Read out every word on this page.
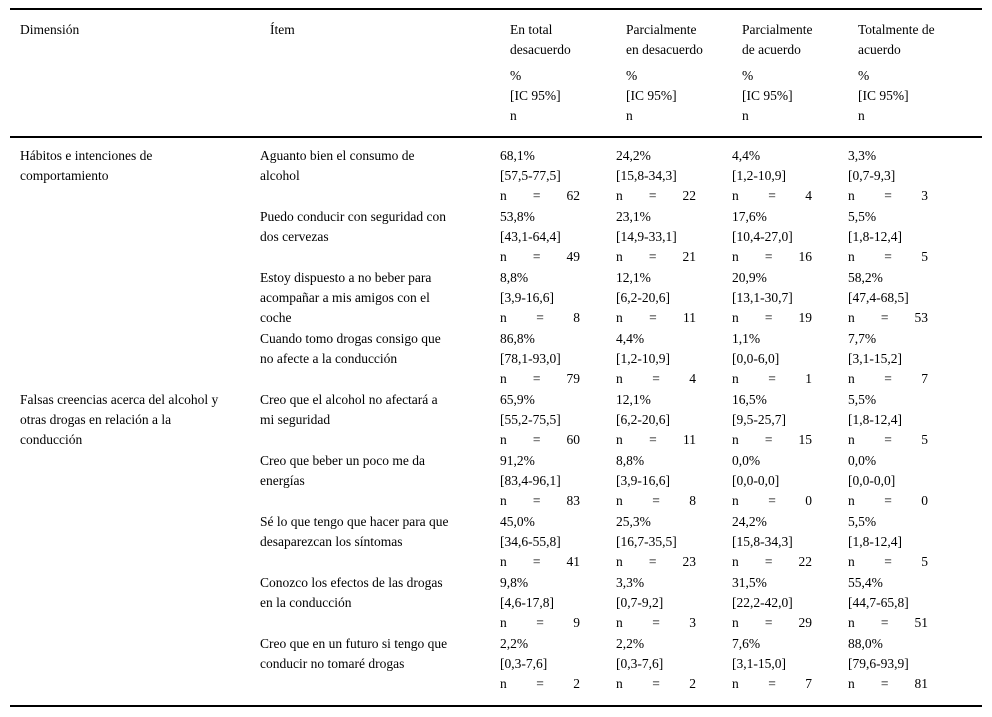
Dimensión	Ítem	En total desacuerdo
%
[IC 95%]
n
Parcialmente en desacuerdo
%
[IC 95%]
n
Parcialmente de acuerdo
%
[IC 95%]
n
Totalmente de acuerdo
%
[IC 95%]
n
Hábitos e intenciones de comportamiento
Aguanto bien el consumo de alcohol
68,1%
[57,5-77,5]
n = 62
24,2%
[15,8-34,3]
n = 22
4,4%
[1,2-10,9]
n = 4
3,3%
[0,7-9,3]
n = 3
Puedo conducir con seguridad con dos cervezas
53,8%
[43,1-64,4]
n = 49
23,1%
[14,9-33,1]
n = 21
17,6%
[10,4-27,0]
n = 16
5,5%
[1,8-12,4]
n = 5
Estoy dispuesto a no beber para acompañar a mis amigos con el coche
8,8%
[3,9-16,6]
n = 8
12,1%
[6,2-20,6]
n = 11
20,9%
[13,1-30,7]
n = 19
58,2%
[47,4-68,5]
n = 53
Cuando tomo drogas consigo que no afecte a la conducción
86,8%
[78,1-93,0]
n = 79
4,4%
[1,2-10,9]
n = 4
1,1%
[0,0-6,0]
n = 1
7,7%
[3,1-15,2]
n = 7
Falsas creencias acerca del alcohol y otras drogas en relación a la conducción
Creo que el alcohol no afectará a mi seguridad
65,9%
[55,2-75,5]
n = 60
12,1%
[6,2-20,6]
n = 11
16,5%
[9,5-25,7]
n = 15
5,5%
[1,8-12,4]
n = 5
Creo que beber un poco me da energías
91,2%
[83,4-96,1]
n = 83
8,8%
[3,9-16,6]
n = 8
0,0%
[0,0-0,0]
n = 0
0,0%
[0,0-0,0]
n = 0
Sé lo que tengo que hacer para que desaparezcan los síntomas
45,0%
[34,6-55,8]
n = 41
25,3%
[16,7-35,5]
n = 23
24,2%
[15,8-34,3]
n = 22
5,5%
[1,8-12,4]
n = 5
Conozco los efectos de las drogas en la conducción
9,8%
[4,6-17,8]
n = 9
3,3%
[0,7-9,2]
n = 3
31,5%
[22,2-42,0]
n = 29
55,4%
[44,7-65,8]
n = 51
Creo que en un futuro si tengo que conducir no tomaré drogas
2,2%
[0,3-7,6]
n = 2
2,2%
[0,3-7,6]
n = 2
7,6%
[3,1-15,0]
n = 7
88,0%
[79,6-93,9]
n = 81
